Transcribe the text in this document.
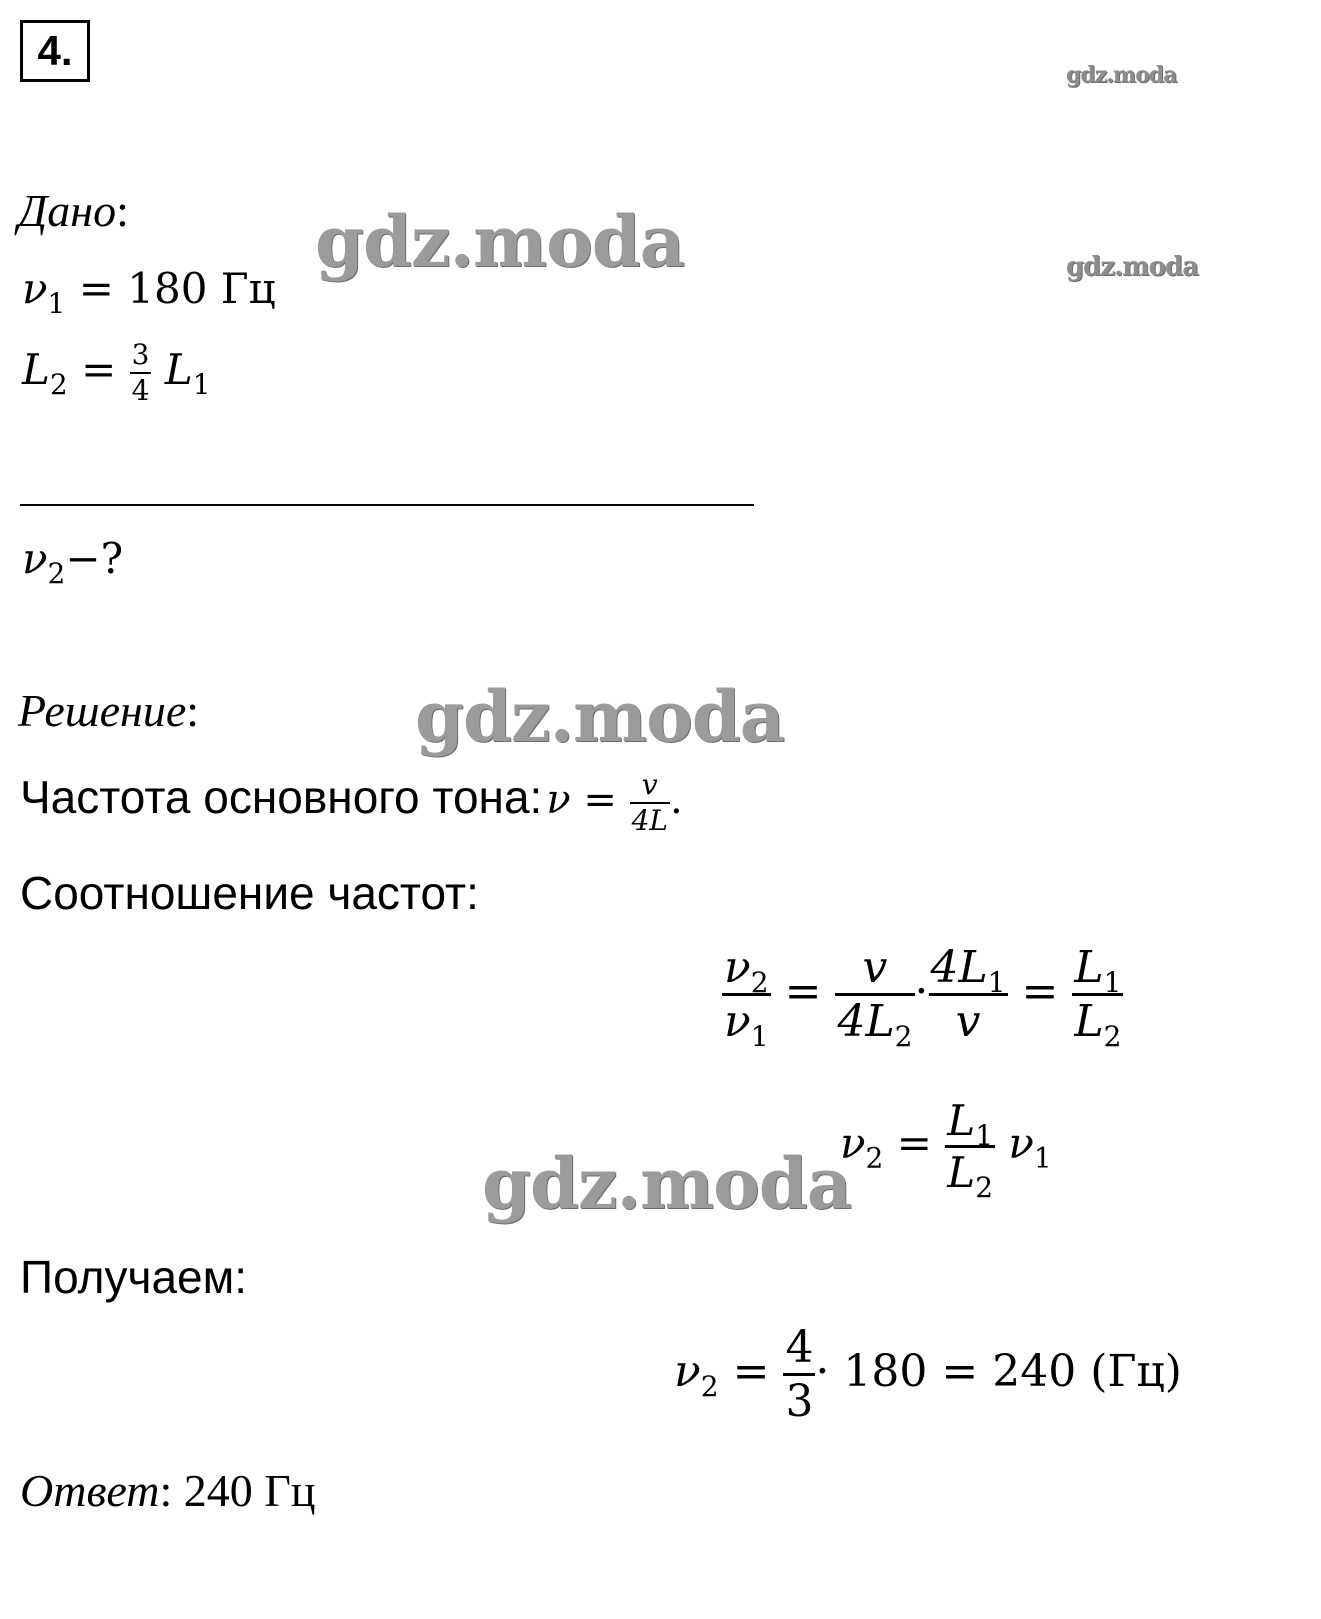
4.
gdz.moda
gdz.moda	gdz.moda
gdz.moda
gdz.moda
Дано:
$\nu_1 = 180$ Гц
$L_2 = \frac{3}{4} L_1$
$\nu_2-$?
Решение:
Частота основного тона: $\nu = \frac{v}{4L}$ .
Соотношение частот:
$\frac{\nu_2}{\nu_1} = \frac{v}{4L_2} \cdot \frac{4L_1}{v} = \frac{L_1}{L_2}$
$\nu_2 = \frac{L_1}{L_2} \nu_1$
Получаем:
$\nu_2 = \frac{4}{3} \cdot 180 = 240$ (Гц)
Ответ: 240 Гц
